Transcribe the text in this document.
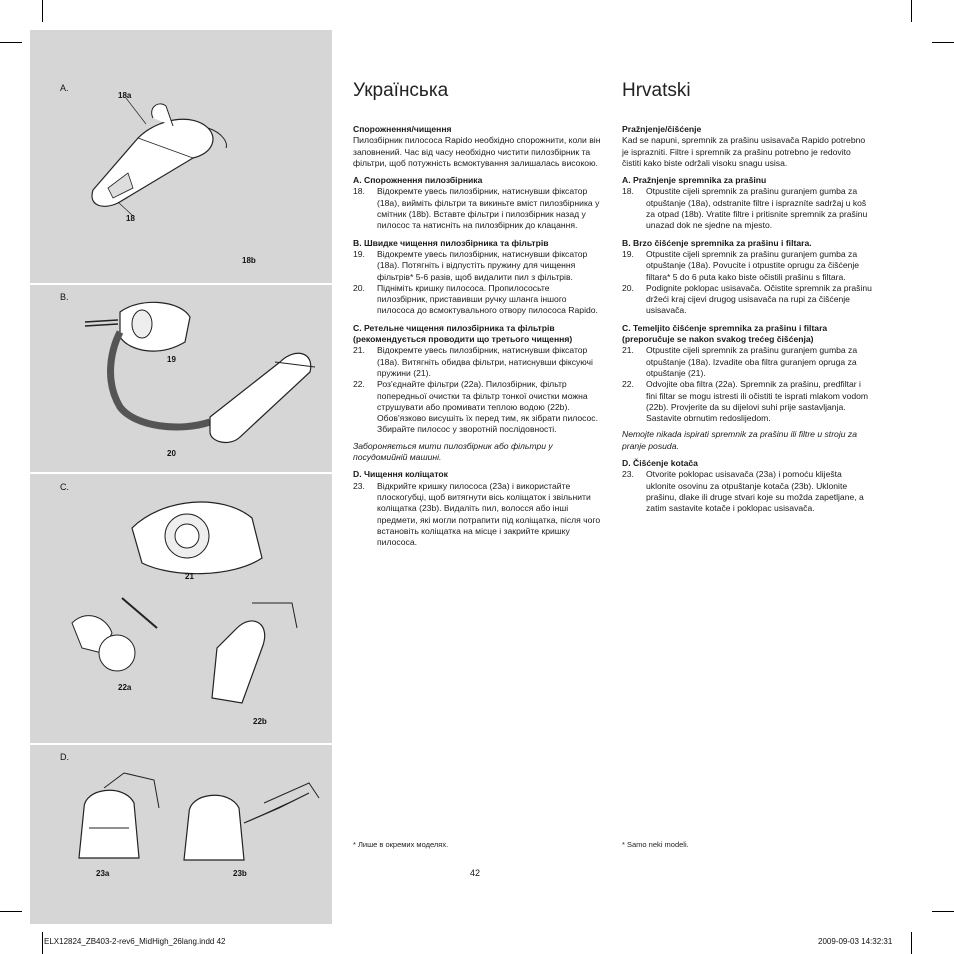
A.
B.
C.
D.
18a
18
18b
19
20
21
22a
22b
23a	23b
Українська
Спорожнення/чищення

Пилозбірник пилососа Rapido необхідно спорожнити, коли він заповнений. Час від часу необхідно чистити пилозбірник та фільтри, щоб потужність всмоктування залишалась високою.

A. Спорожнення пилозбірника
18.	Відокремте увесь пилозбірник, натиснувши фіксатор (18a), вийміть фільтри та викиньте вміст пилозбірника у смітник (18b). Вставте фільтри і пилозбірник назад у пилосос та натисніть на пилозбірник до клацання.
B. Швидке чищення пилозбірника та фільтрів
19.	Відокремте увесь пилозбірник, натиснувши фіксатор (18a). Потягніть і відпустіть пружину для чищення фільтрів* 5-6 разів, щоб видалити пил з фільтрів.
20.	Підніміть кришку пилососа. Пропилососьте пилозбірник, приставивши ручку шланга іншого пилососа до всмоктувального отвору пилососа Rapido.
C. Ретельне чищення пилозбірника та фільтрів (рекомендується проводити що третього чищення)
21.	Відокремте увесь пилозбірник, натиснувши фіксатор (18a). Витягніть обидва фільтри, натиснувши фіксуючі пружини (21).
22.	Роз'єднайте фільтри (22a). Пилозбірник, фільтр попередньої очистки та фільтр тонкої очистки можна струшувати або промивати теплою водою (22b). Обов'язково висушіть їх перед тим, як зібрати пилосос.
Збирайте пилосос у зворотній послідовності.
Забороняється мити пилозбірник або фільтри у посудомийній машині.
D. Чищення коліщаток
23.	Відкрийте кришку пилососа (23a) і використайте плоскогубці, щоб витягнути вісь коліщаток і звільнити коліщатка (23b). Видаліть пил, волосся або інші предмети, які могли потрапити під коліщатка, після чого встановіть коліщатка на місце і закрийте кришку пилососа.
* Лише в окремих моделях.
Hrvatski
Pražnjenje/čišćenje

Kad se napuni, spremnik za prašinu usisavača Rapido potrebno je isprazniti. Filtre i spremnik za prašinu potrebno je redovito čistiti kako biste održali visoku snagu usisa.

A. Pražnjenje spremnika za prašinu
18.	Otpustite cijeli spremnik za prašinu guranjem gumba za otpuštanje (18a), odstranite filtre i isprazníte sadržaj u koš za otpad (18b). Vratite filtre i pritisnite spremnik za prašinu unazad dok ne sjedne na mjesto.
B. Brzo čišćenje spremnika za prašinu i filtara.
19.	Otpustite cijeli spremnik za prašinu guranjem gumba za otpuštanje (18a). Povucite i otpustite oprugu za čišćenje filtara* 5 do 6 puta kako biste očistili prašinu s filtara.
20.	Podignite poklopac usisavača. Očistite spremnik za prašinu držeći kraj cijevi drugog usisavača na rupi za čišćenje usisavača.
C. Temeljito čišćenje spremnika za prašinu i filtara (preporučuje se nakon svakog trećeg čišćenja)
21.	Otpustite cijeli spremnik za prašinu guranjem gumba za otpuštanje (18a). Izvadite oba filtra guranjem opruga za otpuštanje (21).
22.	Odvojite oba filtra (22a). Spremnik za prašinu, predfiltar i fini filtar se mogu istresti ili očistiti te isprati mlakom vodom (22b). Provjerite da su dijelovi suhi prije sastavljanja.
Sastavite obrnutim redoslijedom.
Nemojte nikada ispirati spremnik za prašinu ili filtre u stroju za pranje posuda.
D. Čišćenje kotača
23.	Otvorite poklopac usisavača (23a) i pomoću kliješta uklonite osovinu za otpuštanje kotača (23b). Uklonite prašinu, dlake ili druge stvari koje su možda zapetljane, a zatim sastavite kotače i poklopac usisavača.
* Samo neki modeli.
42
ELX12824_ZB403-2-rev6_MidHigh_26lang.indd 42	2009-09-03 14:32:31
